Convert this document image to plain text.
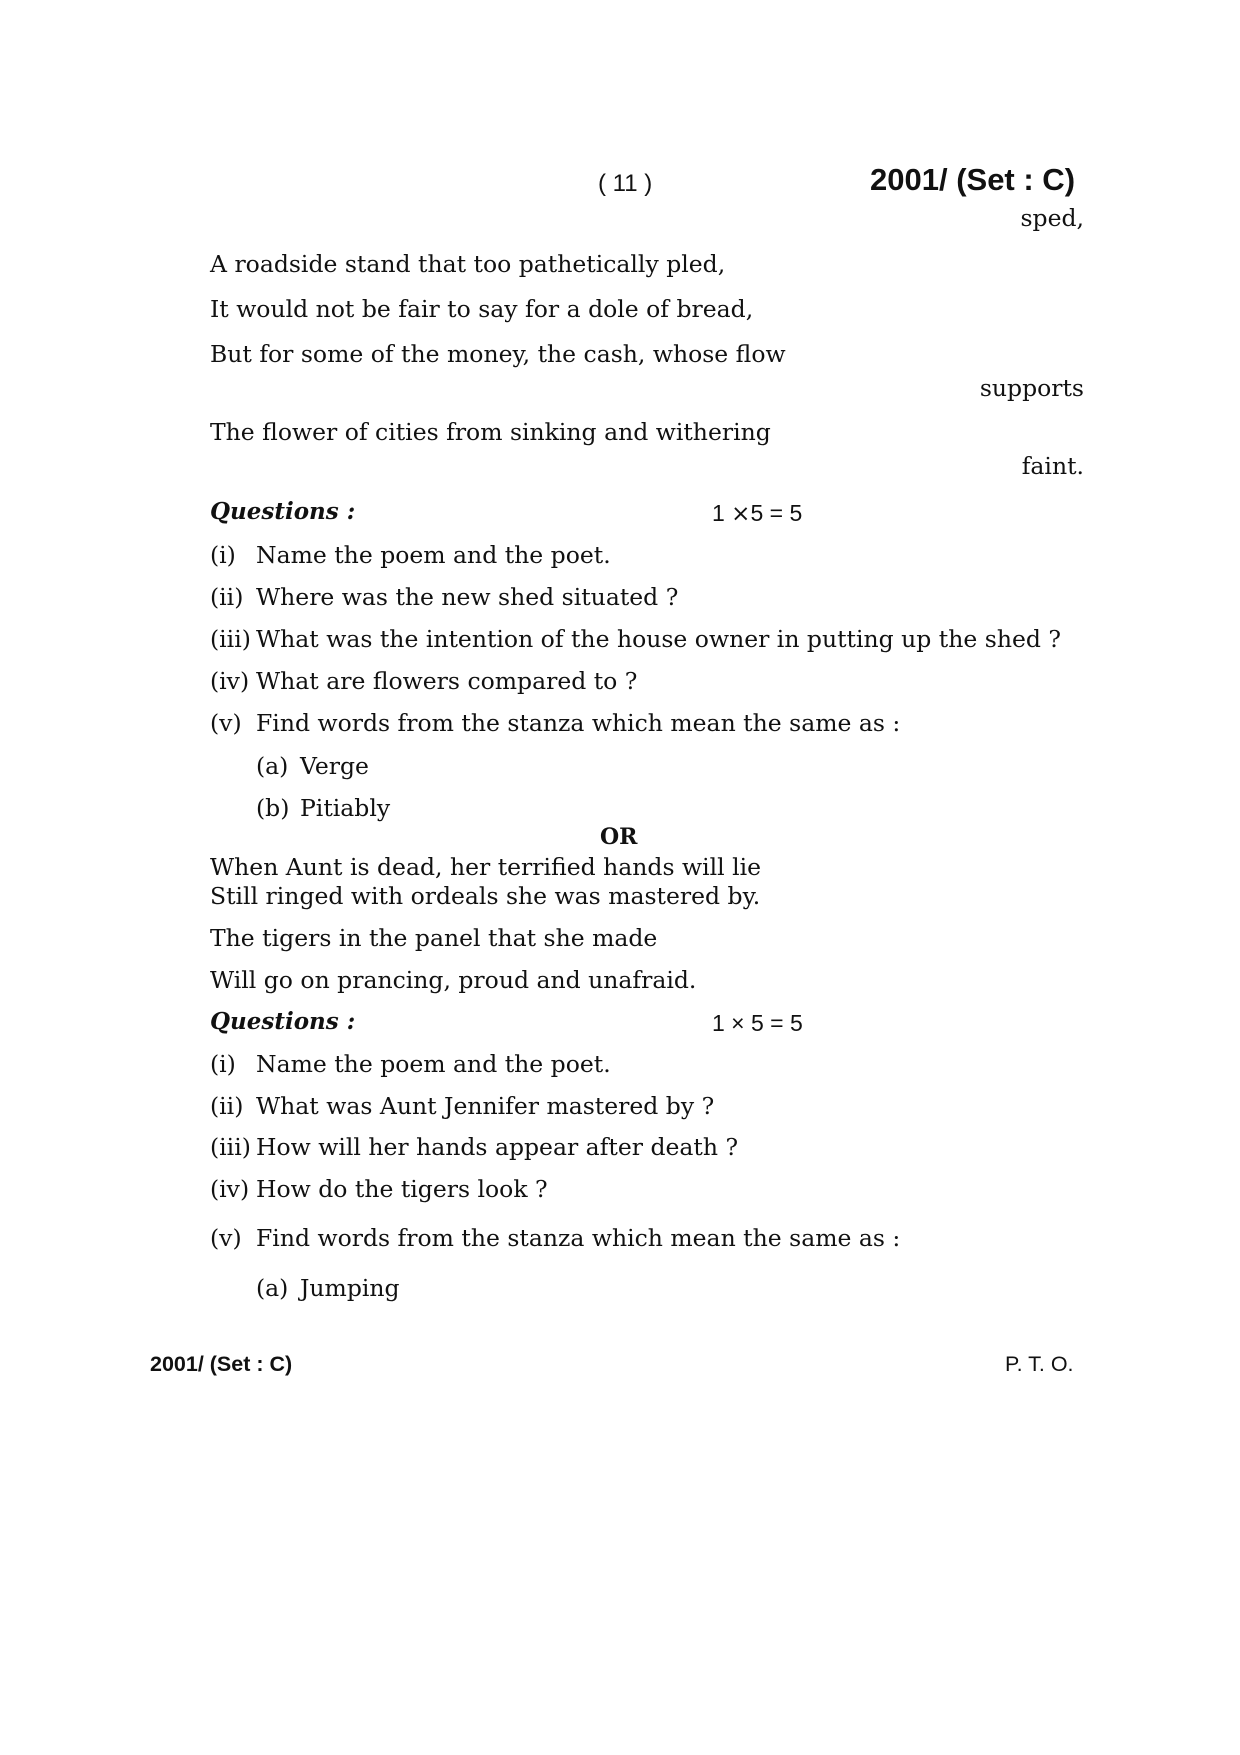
( 11 )	2001/ (Set : C)
sped,
A roadside stand that too pathetically pled,
It would not be fair to say for a dole of bread,
But for some of the money, the cash, whose flow
supports
The flower of cities from sinking and withering
faint.
Questions :	1 ⨯5 = 5
(i) Name the poem and the poet.
(ii) Where was the new shed situated ?
(iii) What was the intention of the house owner in putting up the shed ?
(iv) What are flowers compared to ?
(v) Find words from the stanza which mean the same as :
(a) Verge
(b) Pitiably
OR
When Aunt is dead, her terrified hands will lie
Still ringed with ordeals she was mastered by.
The tigers in the panel that she made
Will go on prancing, proud and unafraid.
Questions :	1 × 5 = 5
(i) Name the poem and the poet.
(ii) What was Aunt Jennifer mastered by ?
(iii) How will her hands appear after death ?
(iv) How do the tigers look ?
(v) Find words from the stanza which mean the same as :
(a) Jumping
2001/ (Set : C)	P. T. O.
